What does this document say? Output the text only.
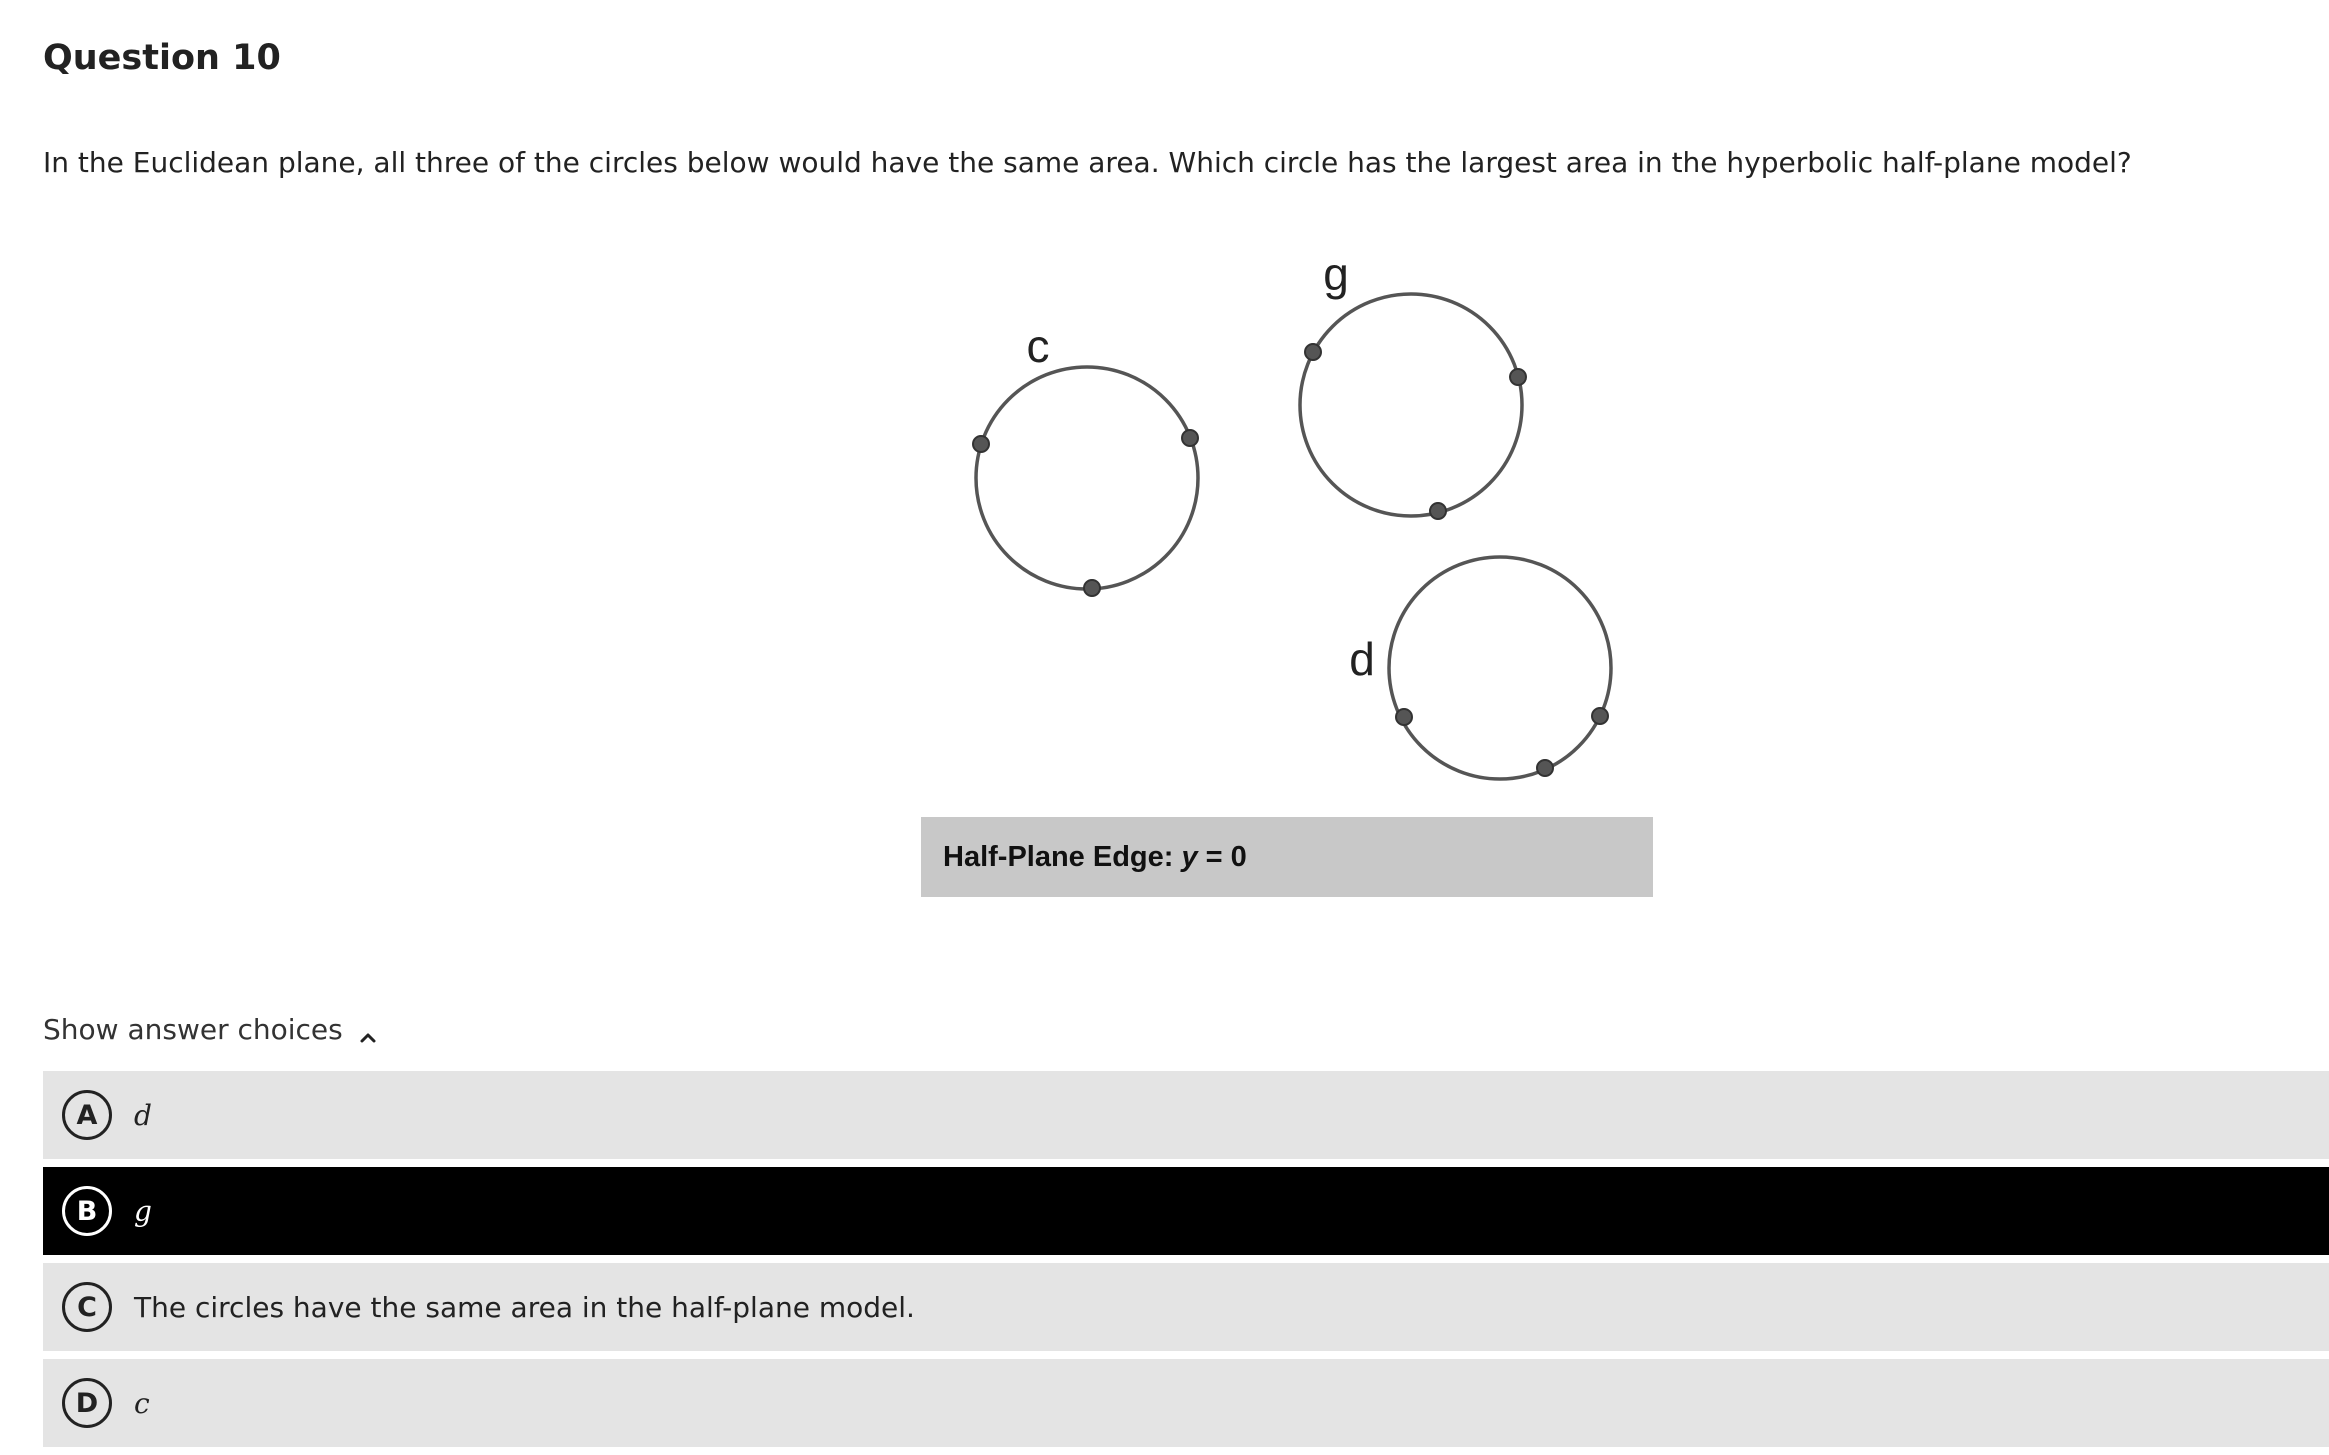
Question 10

In the Euclidean plane, all three of the circles below would have the same area. Which circle has the largest area in the hyperbolic half-plane model?

c
g
d
Half-Plane Edge: y = 0
Show answer choices
A	d
B	g
C	The circles have the same area in the half-plane model.
D	c
